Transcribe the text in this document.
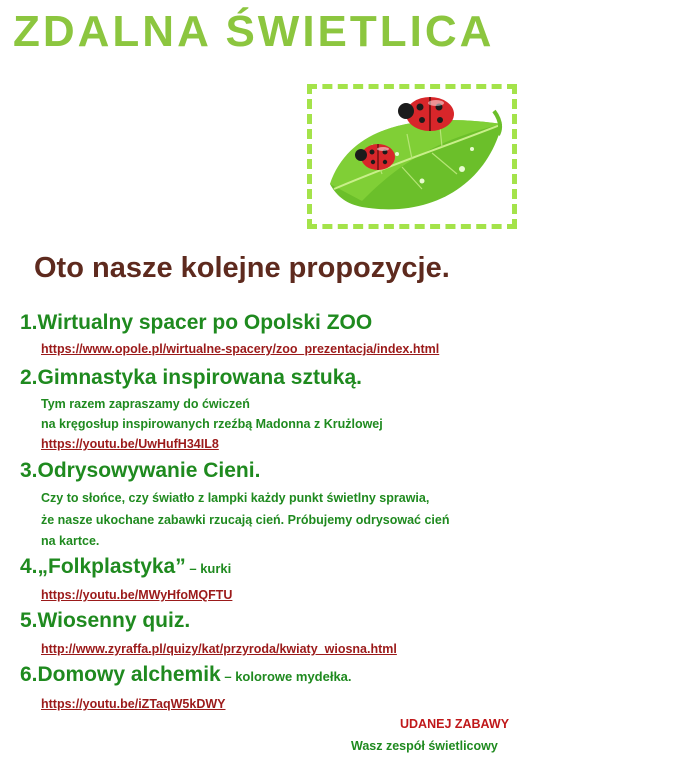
ZDALNA ŚWIETLICA
Oto nasze kolejne propozycje.
1.Wirtualny spacer po Opolski ZOO
https://www.opole.pl/wirtualne-spacery/zoo_prezentacja/index.html
2.Gimnastyka inspirowana sztuką.
Tym razem zapraszamy do ćwiczeń
na kręgosłup inspirowanych rzeźbą Madonna z Krużlowej
https://youtu.be/UwHufH34IL8
3.Odrysowywanie Cieni.
Czy to słońce, czy światło z lampki każdy punkt świetlny sprawia,
że nasze ukochane zabawki rzucają cień. Próbujemy odrysować cień
na kartce.
4.„Folkplastyka” – kurki
https://youtu.be/MWyHfoMQFTU
5.Wiosenny quiz.
http://www.zyraffa.pl/quizy/kat/przyroda/kwiaty_wiosna.html
6.Domowy alchemik – kolorowe mydełka.
https://youtu.be/iZTaqW5kDWY
UDANEJ ZABAWY
Wasz zespół świetlicowy
